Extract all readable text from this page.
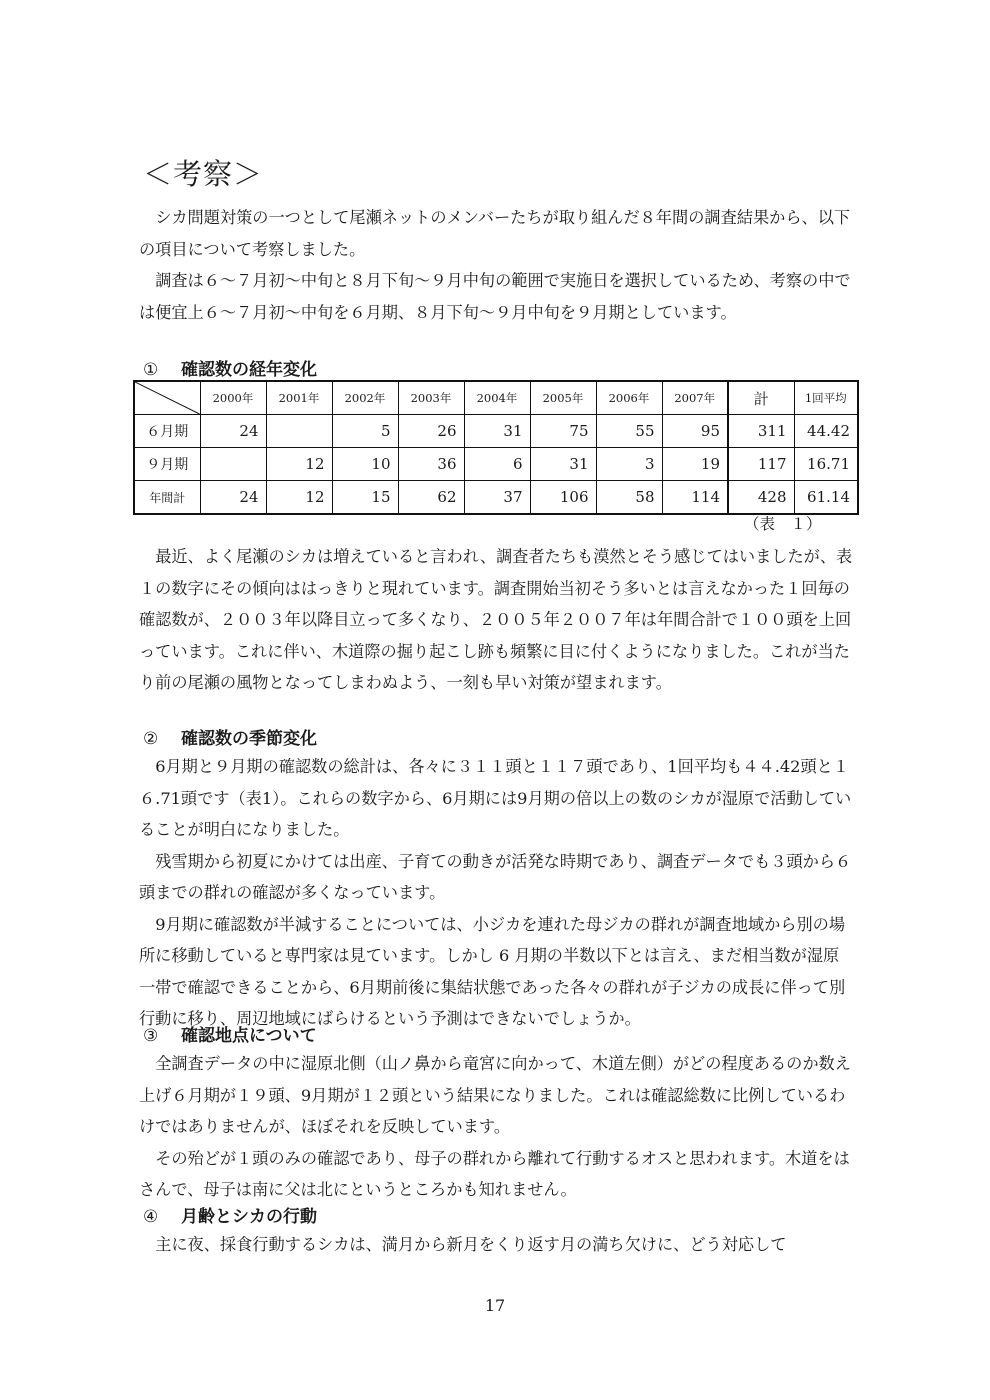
＜考察＞

シカ問題対策の一つとして尾瀬ネットのメンバーたちが取り組んだ８年間の調査結果から、以下の項目について考察しました。

調査は６～７月初～中旬と８月下旬～９月中旬の範囲で実施日を選択しているため、考察の中では便宜上６～７月初～中旬を６月期、８月下旬～９月中旬を９月期としています。

① 確認数の経年変化
	2000年	2001年	2002年	2003年	2004年	2005年	2006年	2007年	計	1回平均
６月期	24		5	26	31	75	55	95	311	44.42
９月期		12	10	36	6	31	3	19	117	16.71
年間計	24	12	15	62	37	106	58	114	428	61.14
（表　１）

最近、よく尾瀬のシカは増えていると言われ、調査者たちも漠然とそう感じてはいましたが、表１の数字にその傾向ははっきりと現れています。調査開始当初そう多いとは言えなかった１回毎の確認数が、２００３年以降目立って多くなり、２００５年２００７年は年間合計で１００頭を上回っています。これに伴い、木道際の掘り起こし跡も頻繁に目に付くようになりました。これが当たり前の尾瀬の風物となってしまわぬよう、一刻も早い対策が望まれます。

② 確認数の季節変化

6月期と９月期の確認数の総計は、各々に３１１頭と１１７頭であり、1回平均も４４.42頭と１６.71頭です（表1）。これらの数字から、6月期には9月期の倍以上の数のシカが湿原で活動していることが明白になりました。

残雪期から初夏にかけては出産、子育ての動きが活発な時期であり、調査データでも３頭から６頭までの群れの確認が多くなっています。

9月期に確認数が半減することについては、小ジカを連れた母ジカの群れが調査地域から別の場所に移動していると専門家は見ています。しかし 6 月期の半数以下とは言え、まだ相当数が湿原一帯で確認できることから、6月期前後に集結状態であった各々の群れが子ジカの成長に伴って別行動に移り、周辺地域にばらけるという予測はできないでしょうか。

③ 確認地点について

全調査データの中に湿原北側（山ノ鼻から竜宮に向かって、木道左側）がどの程度あるのか数え上げ６月期が１９頭、9月期が１２頭という結果になりました。これは確認総数に比例しているわけではありませんが、ほぼそれを反映しています。

その殆どが１頭のみの確認であり、母子の群れから離れて行動するオスと思われます。木道をはさんで、母子は南に父は北にというところかも知れません。

④ 月齢とシカの行動

主に夜、採食行動するシカは、満月から新月をくり返す月の満ち欠けに、どう対応して

17
